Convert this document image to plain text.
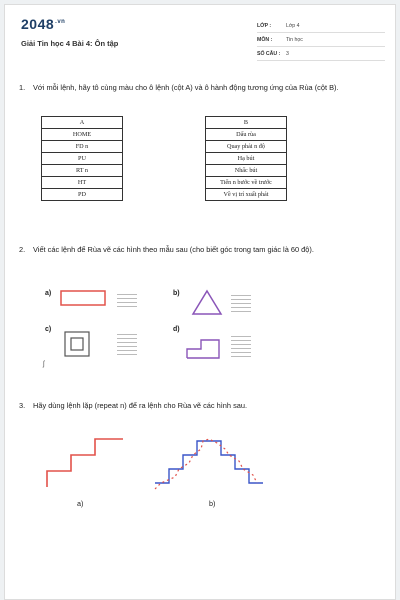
$2048^{.vn}$
Giải Tin học 4 Bài 4: Ôn tập
LỚP :	Lớp 4
MÔN :	Tin học
SỐ CÂU :	3
1. Với mỗi lệnh, hãy tô cùng màu cho ô lệnh (cột A) và ô hành động tương ứng của Rùa (cột B).
A
HOME
FD n
PU
RT n
HT
PD
B
Dấu rùa
Quay phải n độ
Hạ bút
Nhấc bút
Tiến n bước về trước
Về vị trí xuất phát
2. Viết các lệnh để Rùa vẽ các hình theo mẫu sau (cho biết góc trong tam giác là 60 độ).
a)	b)
c)	d)
ʃ
3. Hãy dùng lệnh lặp (repeat n) để ra lệnh cho Rùa vẽ các hình sau.
a)	b)
